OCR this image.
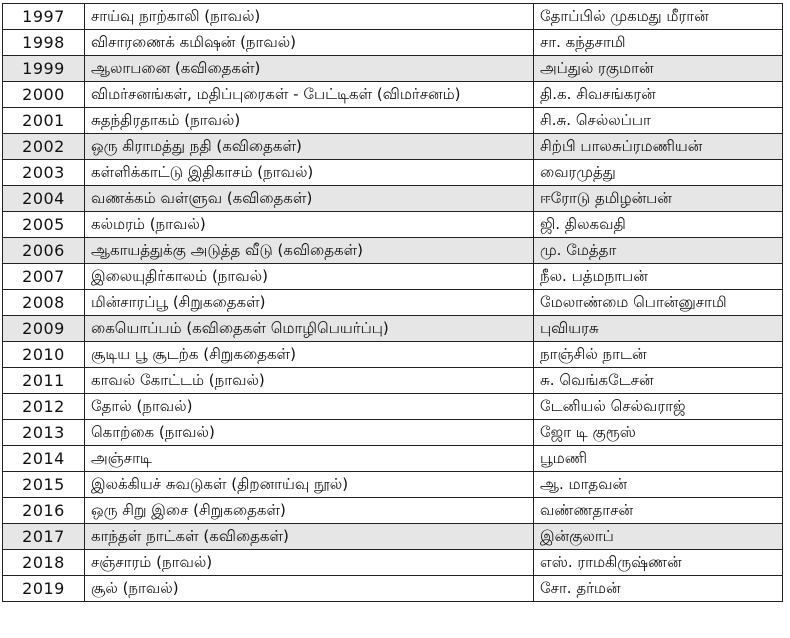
1997	சாய்வு நாற்காலி (நாவல்)	தோப்பில் முகமது மீரான்
1998	விசாரணைக் கமிஷன் (நாவல்)	சா. கந்தசாமி
1999	ஆலாபனை (கவிதைகள்)	அப்துல் ரகுமான்
2000	விமர்சனங்கள், மதிப்புரைகள் - பேட்டிகள் (விமர்சனம்)	தி.க. சிவசங்கரன்
2001	சுதந்திரதாகம் (நாவல்)	சி.சு. செல்லப்பா
2002	ஒரு கிராமத்து நதி (கவிதைகள்)	சிற்பி பாலசுப்ரமணியன்
2003	கள்ளிக்காட்டு இதிகாசம் (நாவல்)	வைரமுத்து
2004	வணக்கம் வள்ளுவ (கவிதைகள்)	ஈரோடு தமிழன்பன்
2005	கல்மரம் (நாவல்)	ஜி. திலகவதி
2006	ஆகாயத்துக்கு அடுத்த வீடு (கவிதைகள்)	மு. மேத்தா
2007	இலையுதிர்காலம் (நாவல்)	நீல. பத்மநாபன்
2008	மின்சாரப்பூ (சிறுகதைகள்)	மேலாண்மை பொன்னுசாமி
2009	கையொப்பம் (கவிதைகள் மொழிபெயர்ப்பு)	புவியரசு
2010	சூடிய பூ சூடற்க (சிறுகதைகள்)	நாஞ்சில் நாடன்
2011	காவல் கோட்டம் (நாவல்)	சு. வெங்கடேசன்
2012	தோல் (நாவல்)	டேனியல் செல்வராஜ்
2013	கொற்கை (நாவல்)	ஜோ டி குரூஸ்
2014	அஞ்சாடி	பூமணி
2015	இலக்கியச் சுவடுகள் (திறனாய்வு நூல்)	ஆ. மாதவன்
2016	ஒரு சிறு இசை (சிறுகதைகள்)	வண்ணதாசன்
2017	காந்தள் நாட்கள் (கவிதைகள்)	இன்குலாப்
2018	சஞ்சாரம் (நாவல்)	எஸ். ராமகிருஷ்ணன்
2019	சூல் (நாவல்)	சோ. தர்மன்
